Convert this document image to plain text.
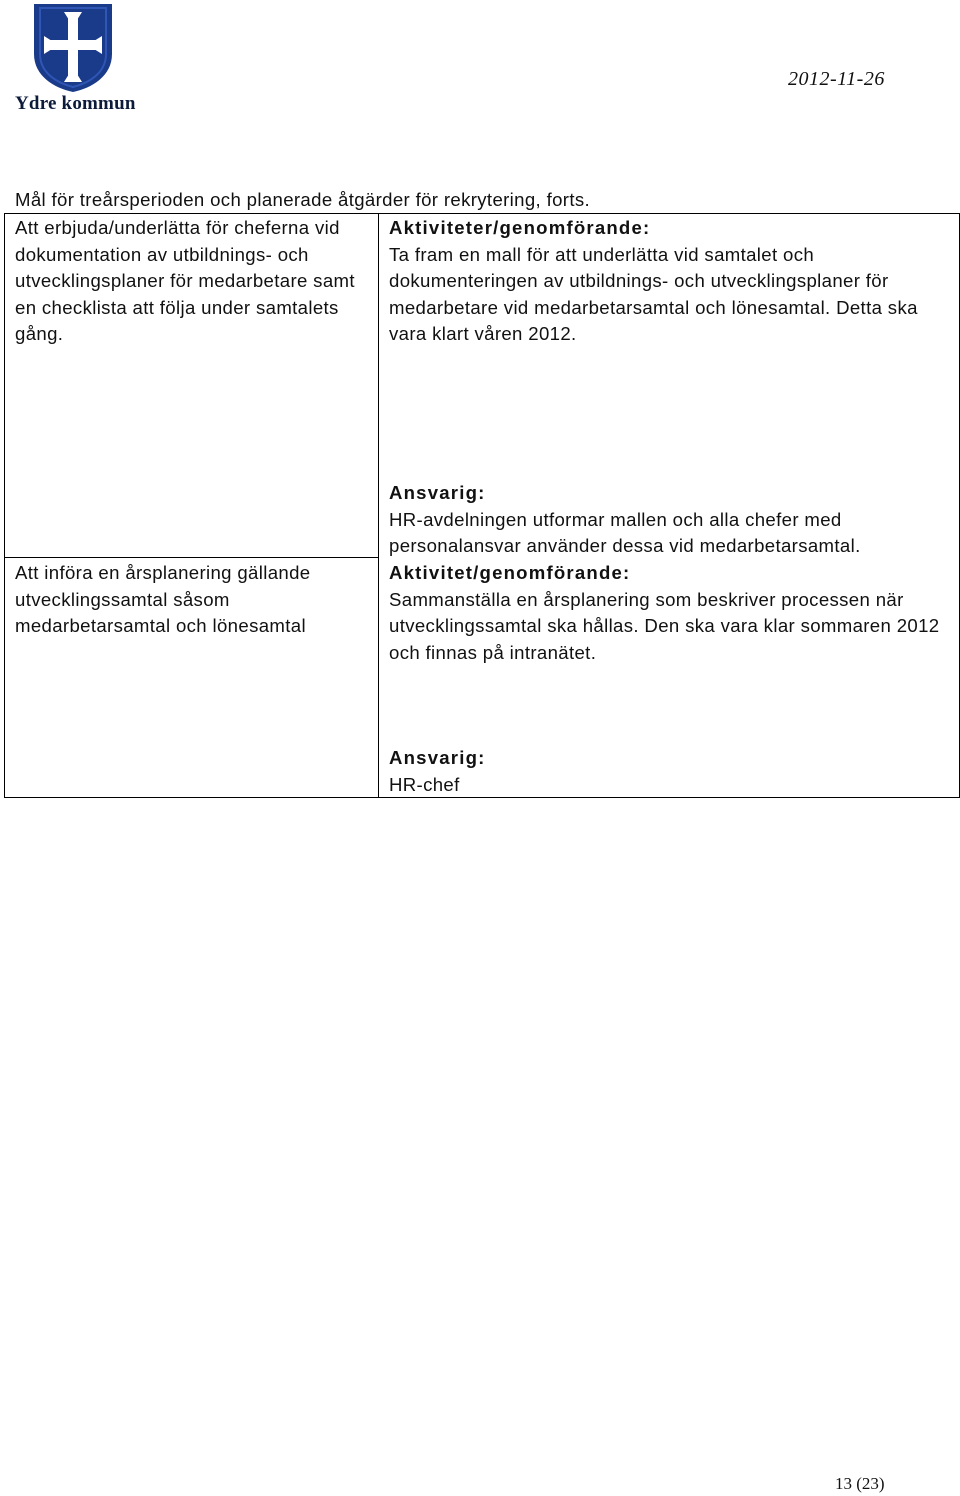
Ydre kommun
2012-11-26
Mål för treårsperioden och planerade åtgärder för rekrytering, forts.

Att erbjuda/underlätta för cheferna vid dokumentation av utbildnings- och utvecklingsplaner för medarbetare samt en checklista att följa under samtalets gång.

Aktiviteter/genomförande:

Ta fram en mall för att underlätta vid samtalet och dokumenteringen av utbildnings- och utvecklingsplaner för medarbetare vid medarbetarsamtal och lönesamtal. Detta ska vara klart våren 2012.

Ansvarig:

HR-avdelningen utformar mallen och alla chefer med personalansvar använder dessa vid medarbetarsamtal.

Att införa en årsplanering gällande utvecklingssamtal såsom medarbetarsamtal och lönesamtal

Aktivitet/genomförande:

Sammanställa en årsplanering som beskriver processen när utvecklingssamtal ska hållas. Den ska vara klar sommaren 2012 och finnas på intranätet.

Ansvarig:

HR-chef

13 (23)
